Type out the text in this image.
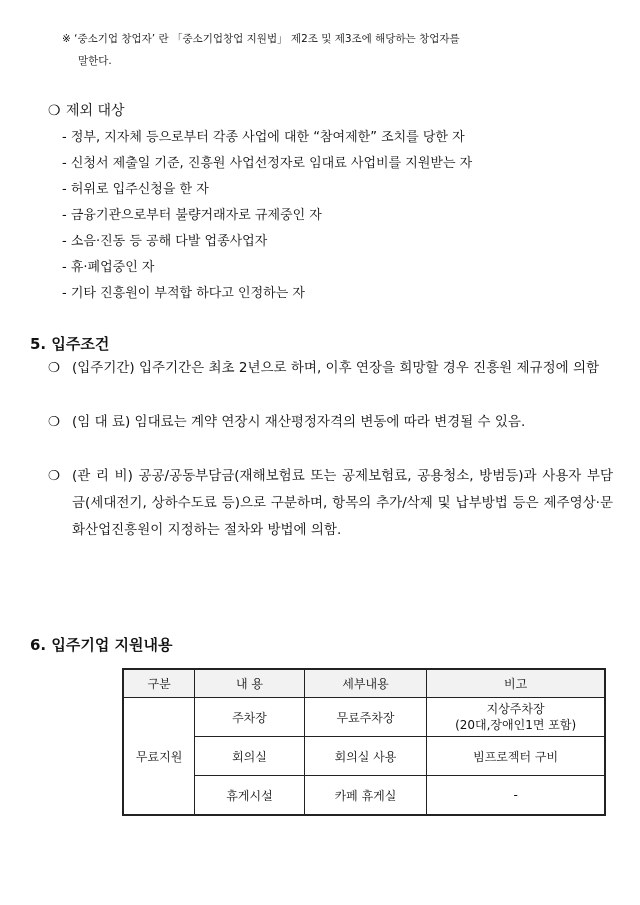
※ ‘중소기업 창업자’ 란 「중소기업창업 지원법」 제2조 및 제3조에 해당하는 창업자를
말한다.
❍ 제외 대상
- 정부, 지자체 등으로부터 각종 사업에 대한 “참여제한” 조치를 당한 자
- 신청서 제출일 기준, 진흥원 사업선정자로 임대료 사업비를 지원받는 자
- 허위로 입주신청을 한 자
- 금융기관으로부터 불량거래자로 규제중인 자
- 소음·진동 등 공해 다발 업종사업자
- 휴·폐업중인 자
- 기타 진흥원이 부적합 하다고 인정하는 자
5. 입주조건
❍ (입주기간) 입주기간은 최초 2년으로 하며, 이후 연장을 희망할 경우 진흥원 제규정에 의함
❍ (임 대 료) 임대료는 계약 연장시 재산평정자격의 변동에 따라 변경될 수 있음.
❍ (관 리 비) 공공/공동부담금(재해보험료 또는 공제보험료, 공용청소, 방범등)과 사용자 부담금(세대전기, 상하수도료 등)으로 구분하며, 항목의 추가/삭제 및 납부방법 등은 제주영상·문화산업진흥원이 지정하는 절차와 방법에 의함.
6. 입주기업 지원내용
구분	내 용	세부내용	비고
무료지원	주차장	무료주차장	지상주차장
(20대,장애인1면 포함)

	회의실	회의실 사용	빔프로젝터 구비
	휴게시설	카페 휴게실	-
